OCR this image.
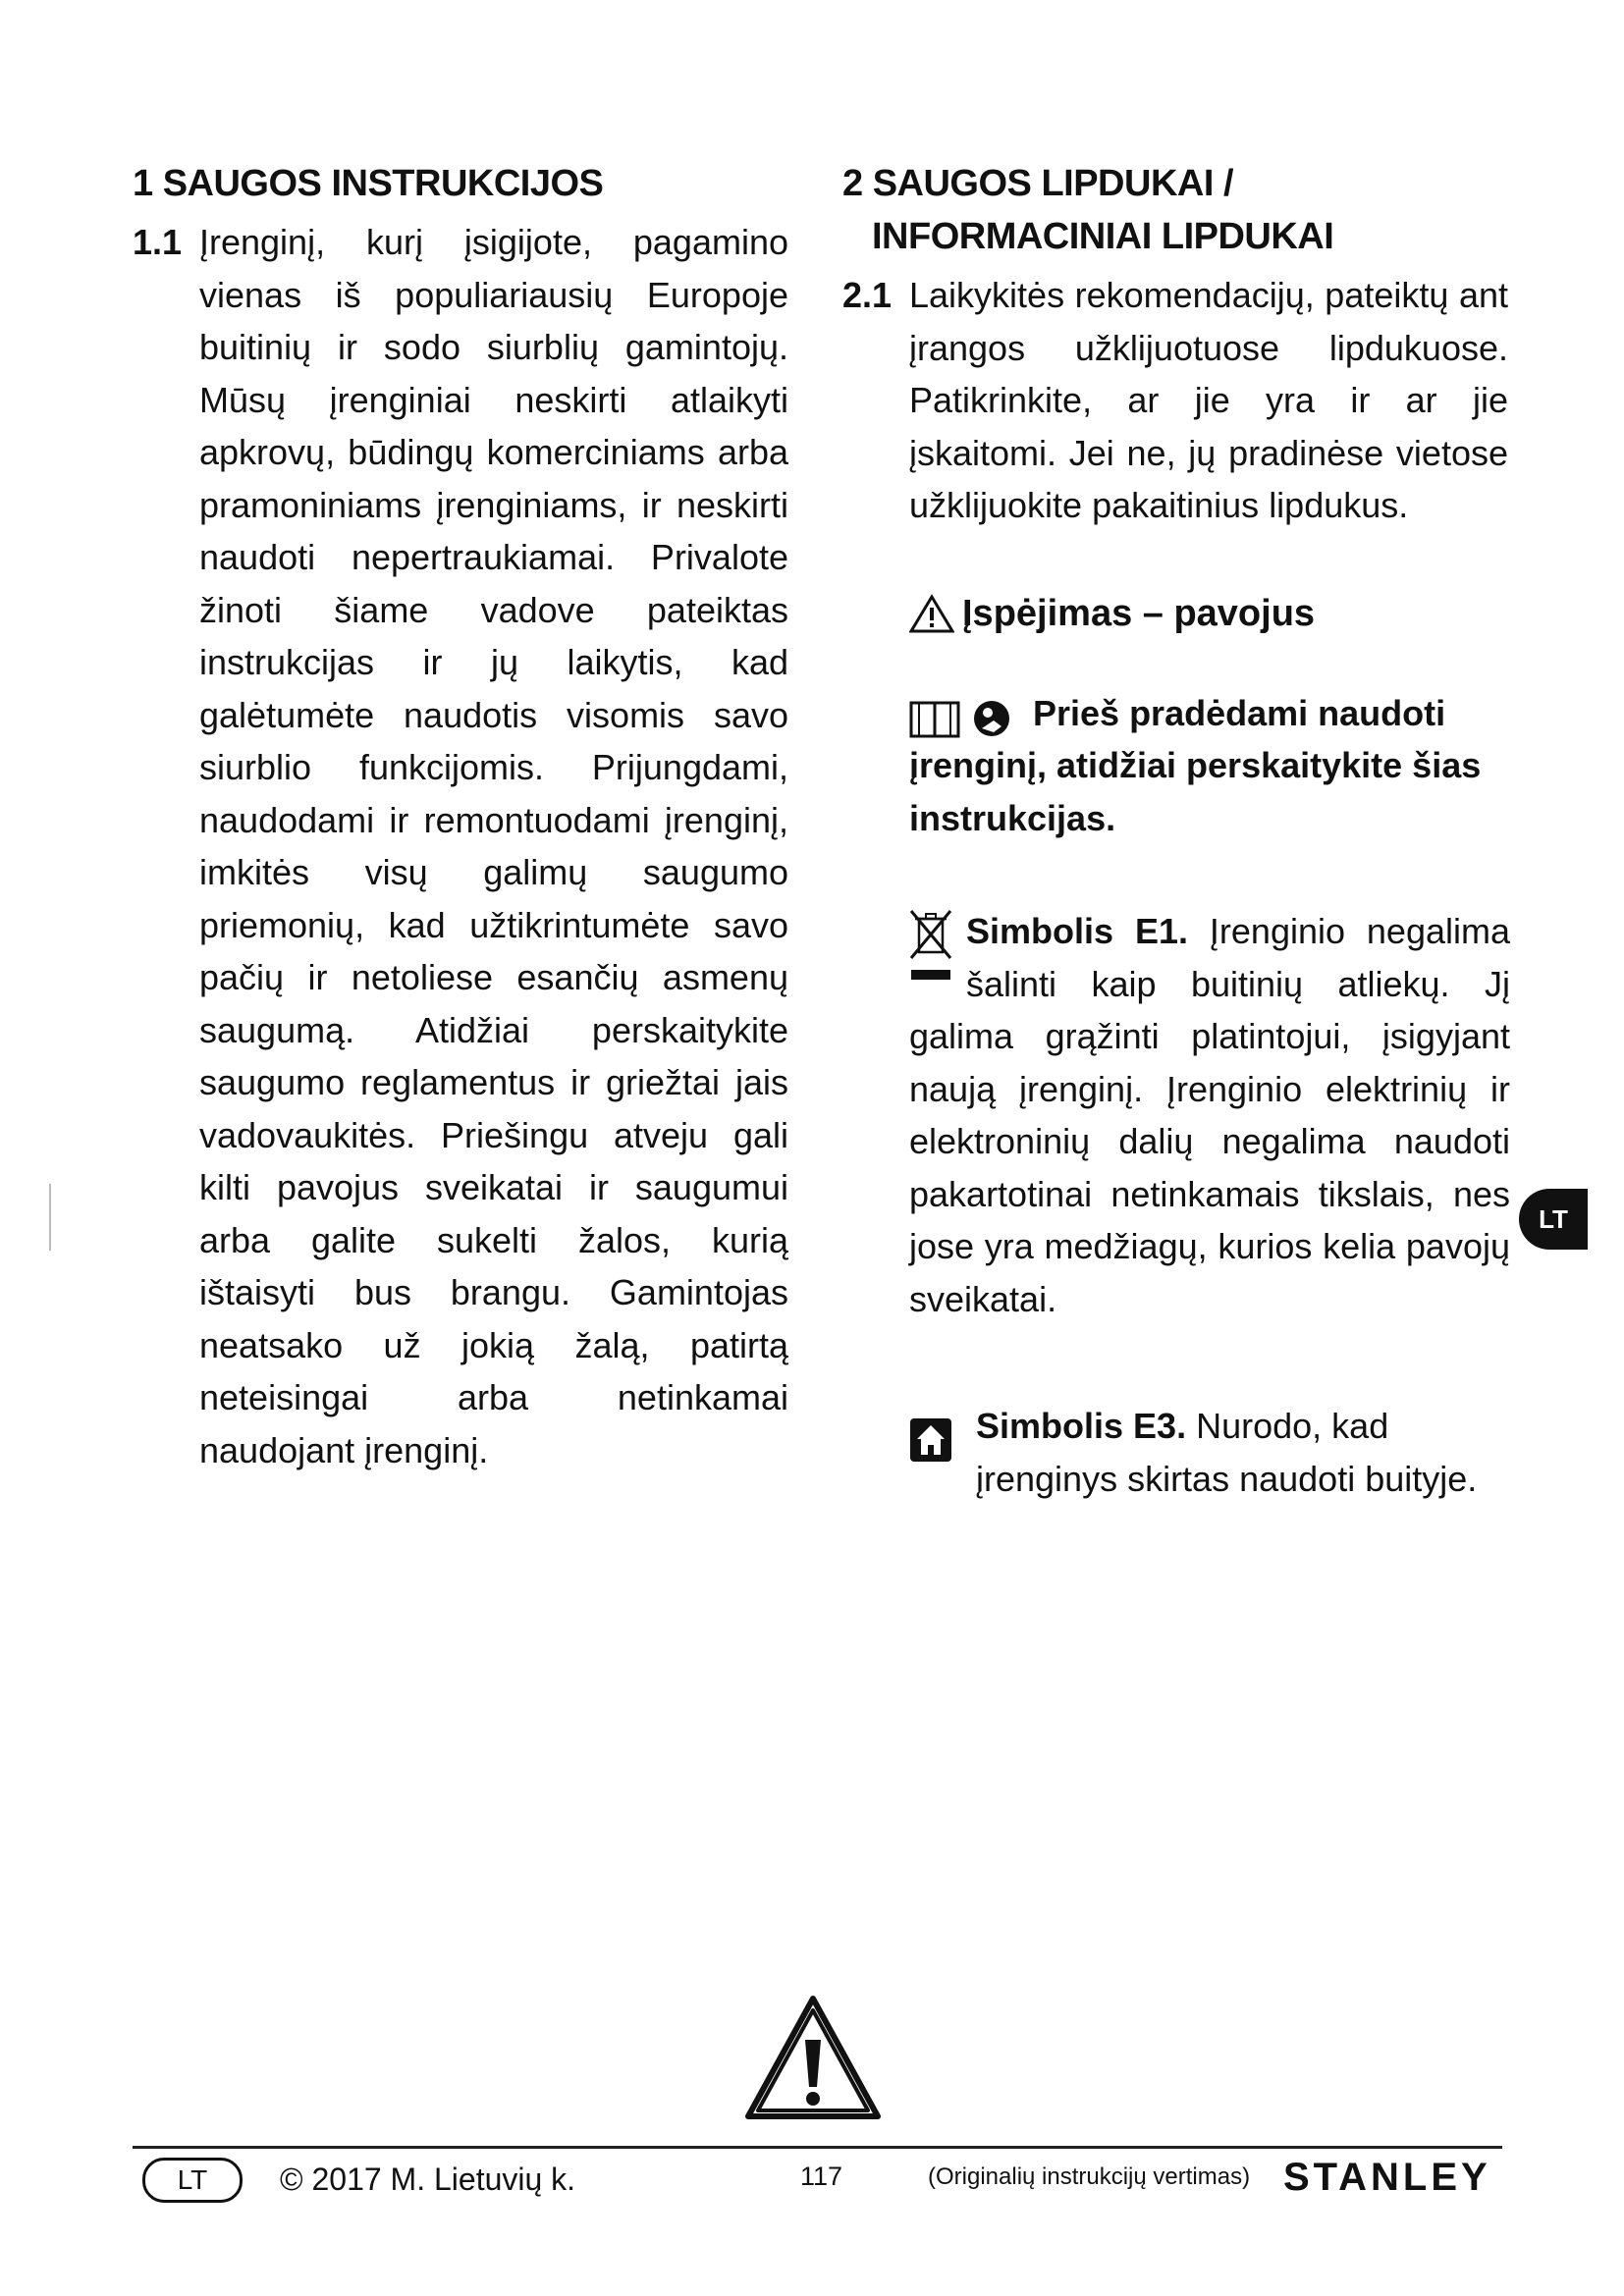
1 SAUGOS INSTRUKCIJOS
1.1 Įrenginį, kurį įsigijote, pagamino vienas iš populiariausių Europoje buitinių ir sodo siurblių gamintojų. Mūsų įrenginiai neskirti atlaikyti apkrovų, būdingų komerciniams arba pramoniniams įrenginiams, ir neskirti naudoti nepertraukiamai. Privalote žinoti šiame vadove pateiktas instrukcijas ir jų laikytis, kad galėtumėte naudotis visomis savo siurblio funkcijomis. Prijungdami, naudodami ir remontuodami įrenginį, imkitės visų galimų saugumo priemonių, kad užtikrintumėte savo pačių ir netoliese esančių asmenų saugumą. Atidžiai perskaitykite saugumo reglamentus ir griežtai jais vadovaukitės. Priešingu atveju gali kilti pavojus sveikatai ir saugumui arba galite sukelti žalos, kurią ištaisyti bus brangu. Gamintojas neatsako už jokią žalą, patirtą neteisingai arba netinkamai naudojant įrenginį.

2 SAUGOS LIPDUKAI /
INFORMACINIAI LIPDUKAI
2.1 Laikykitės rekomendacijų, pateiktų ant įrangos užklijuotuose lipdukuose. Patikrinkite, ar jie yra ir ar jie įskaitomi. Jei ne, jų pradinėse vietose užklijuokite pakaitinius lipdukus.

Įspėjimas – pavojus
Prieš pradėdami naudoti įrenginį, atidžiai perskaitykite šias instrukcijas.
Simbolis E1. Įrenginio negalima šalinti kaip buitinių atliekų. Jį galima grąžinti platintojui, įsigyjant naują įrenginį. Įrenginio elektrinių ir elektroninių dalių negalima naudoti pakartotinai netinkamais tikslais, nes jose yra medžiagų, kurios kelia pavojų sveikatai.
Simbolis E3. Nurodo, kad įrenginys skirtas naudoti buityje.
LT
LT	© 2017 M. Lietuvių k.	117	(Originalių instrukcijų vertimas) STANLEY
